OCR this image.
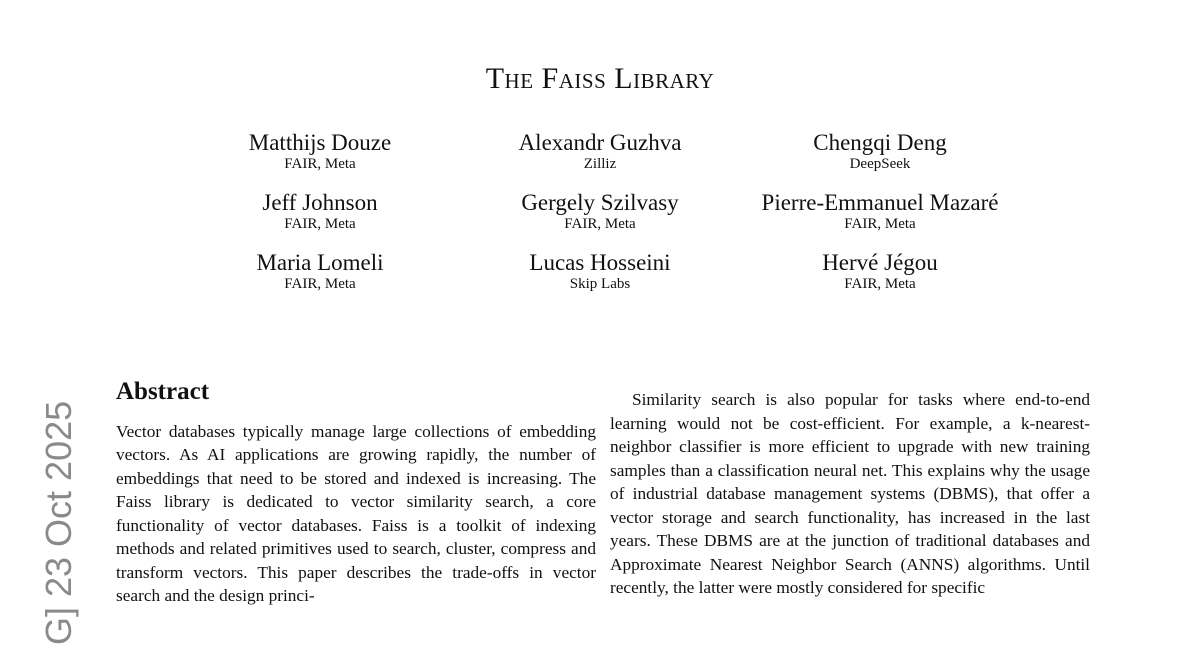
The Faiss Library
Matthijs Douze
FAIR, Meta
Alexandr Guzhva
Zilliz
Chengqi Deng
DeepSeek
Jeff Johnson
FAIR, Meta
Gergely Szilvasy
FAIR, Meta
Pierre-Emmanuel Mazaré
FAIR, Meta
Maria Lomeli
FAIR, Meta
Lucas Hosseini
Skip Labs
Hervé Jégou
FAIR, Meta
G] 23 Oct 2025
Abstract

Vector databases typically manage large collections of embedding vectors. As AI applications are growing rapidly, the number of embeddings that need to be stored and indexed is increasing. The Faiss library is dedicated to vector similarity search, a core functionality of vector databases. Faiss is a toolkit of indexing methods and related primitives used to search, cluster, compress and transform vectors. This paper describes the trade-offs in vector search and the design princi-

Similarity search is also popular for tasks where end-to-end learning would not be cost-efficient. For example, a k-nearest-neighbor classifier is more efficient to upgrade with new training samples than a classification neural net. This explains why the usage of industrial database management systems (DBMS), that offer a vector storage and search functionality, has increased in the last years. These DBMS are at the junction of traditional databases and Approximate Nearest Neighbor Search (ANNS) algorithms. Until recently, the latter were mostly considered for specific
